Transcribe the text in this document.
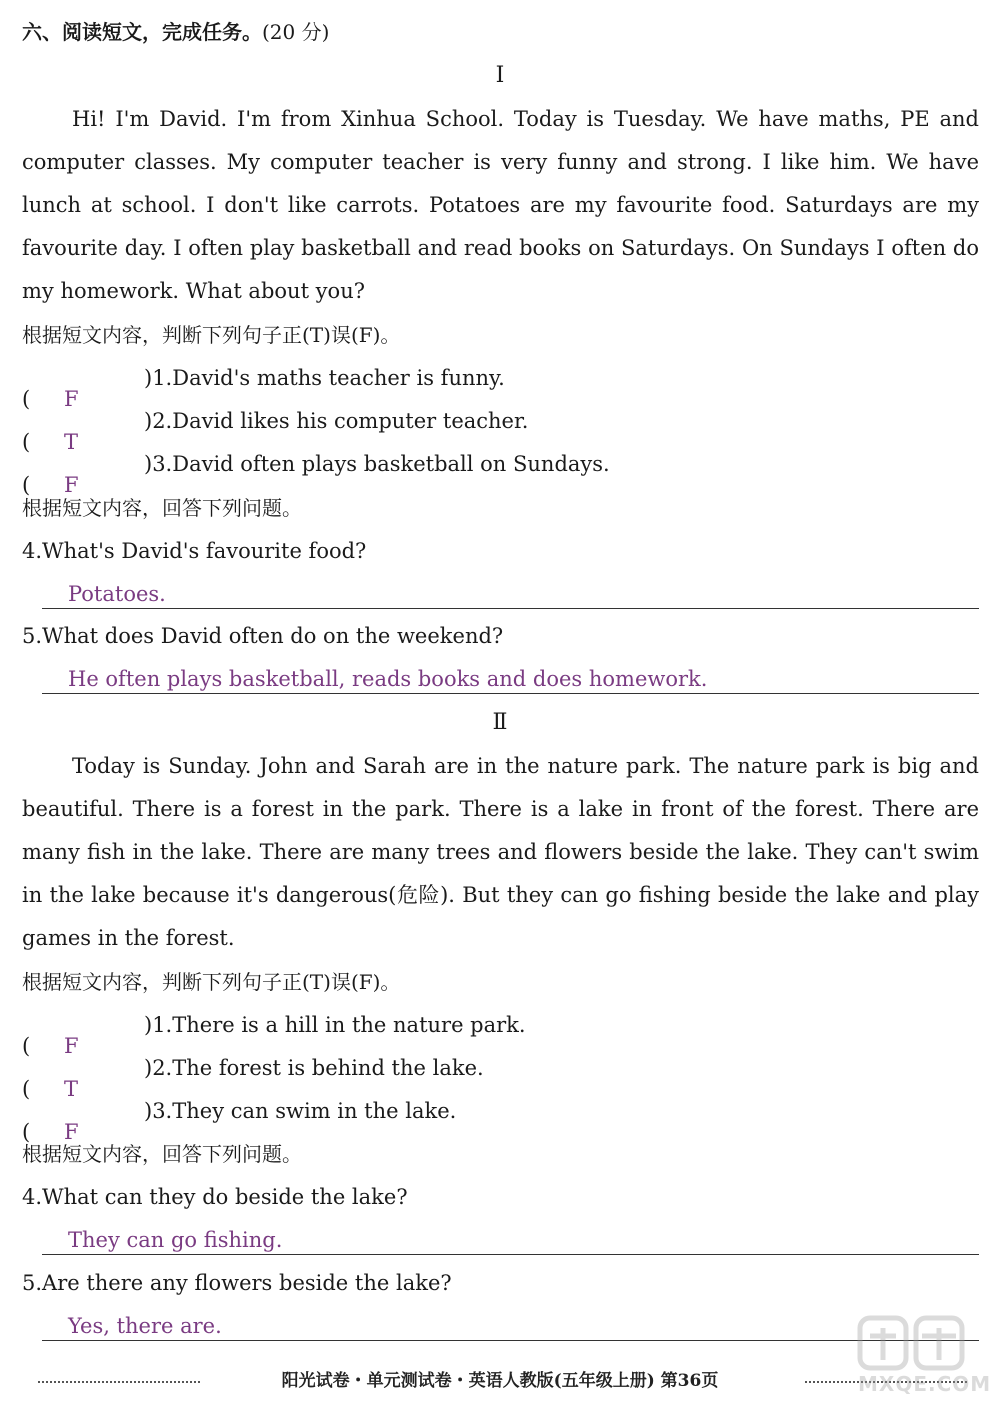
六、阅读短文，完成任务。(20 分)
Ⅰ

Hi! I'm David. I'm from Xinhua School. Today is Tuesday. We have maths, PE and computer classes. My computer teacher is very funny and strong. I like him. We have lunch at school. I don't like carrots. Potatoes are my favourite food. Saturdays are my favourite day. I often play basketball and read books on Saturdays. On Sundays I often do my homework. What about you?

根据短文内容，判断下列句子正(T)误(F)。
( F

)1.David's maths teacher is funny.
( T

)2.David likes his computer teacher.
( F

)3.David often plays basketball on Sundays.
根据短文内容，回答下列问题。
4.What's David's favourite food?
Potatoes.
5.What does David often do on the weekend?
He often plays basketball, reads books and does homework.
Ⅱ

Today is Sunday. John and Sarah are in the nature park. The nature park is big and beautiful. There is a forest in the park. There is a lake in front of the forest. There are many fish in the lake. There are many trees and flowers beside the lake. They can't swim in the lake because it's dangerous(危险). But they can go fishing beside the lake and play games in the forest.

根据短文内容，判断下列句子正(T)误(F)。
( F

)1.There is a hill in the nature park.
( T

)2.The forest is behind the lake.
( F

)3.They can swim in the lake.
根据短文内容，回答下列问题。
4.What can they do beside the lake?
They can go fishing.
5.Are there any flowers beside the lake?
Yes, there are.
阳光试卷・单元测试卷・英语人教版(五年级上册) 第36页	MXQE.COM
